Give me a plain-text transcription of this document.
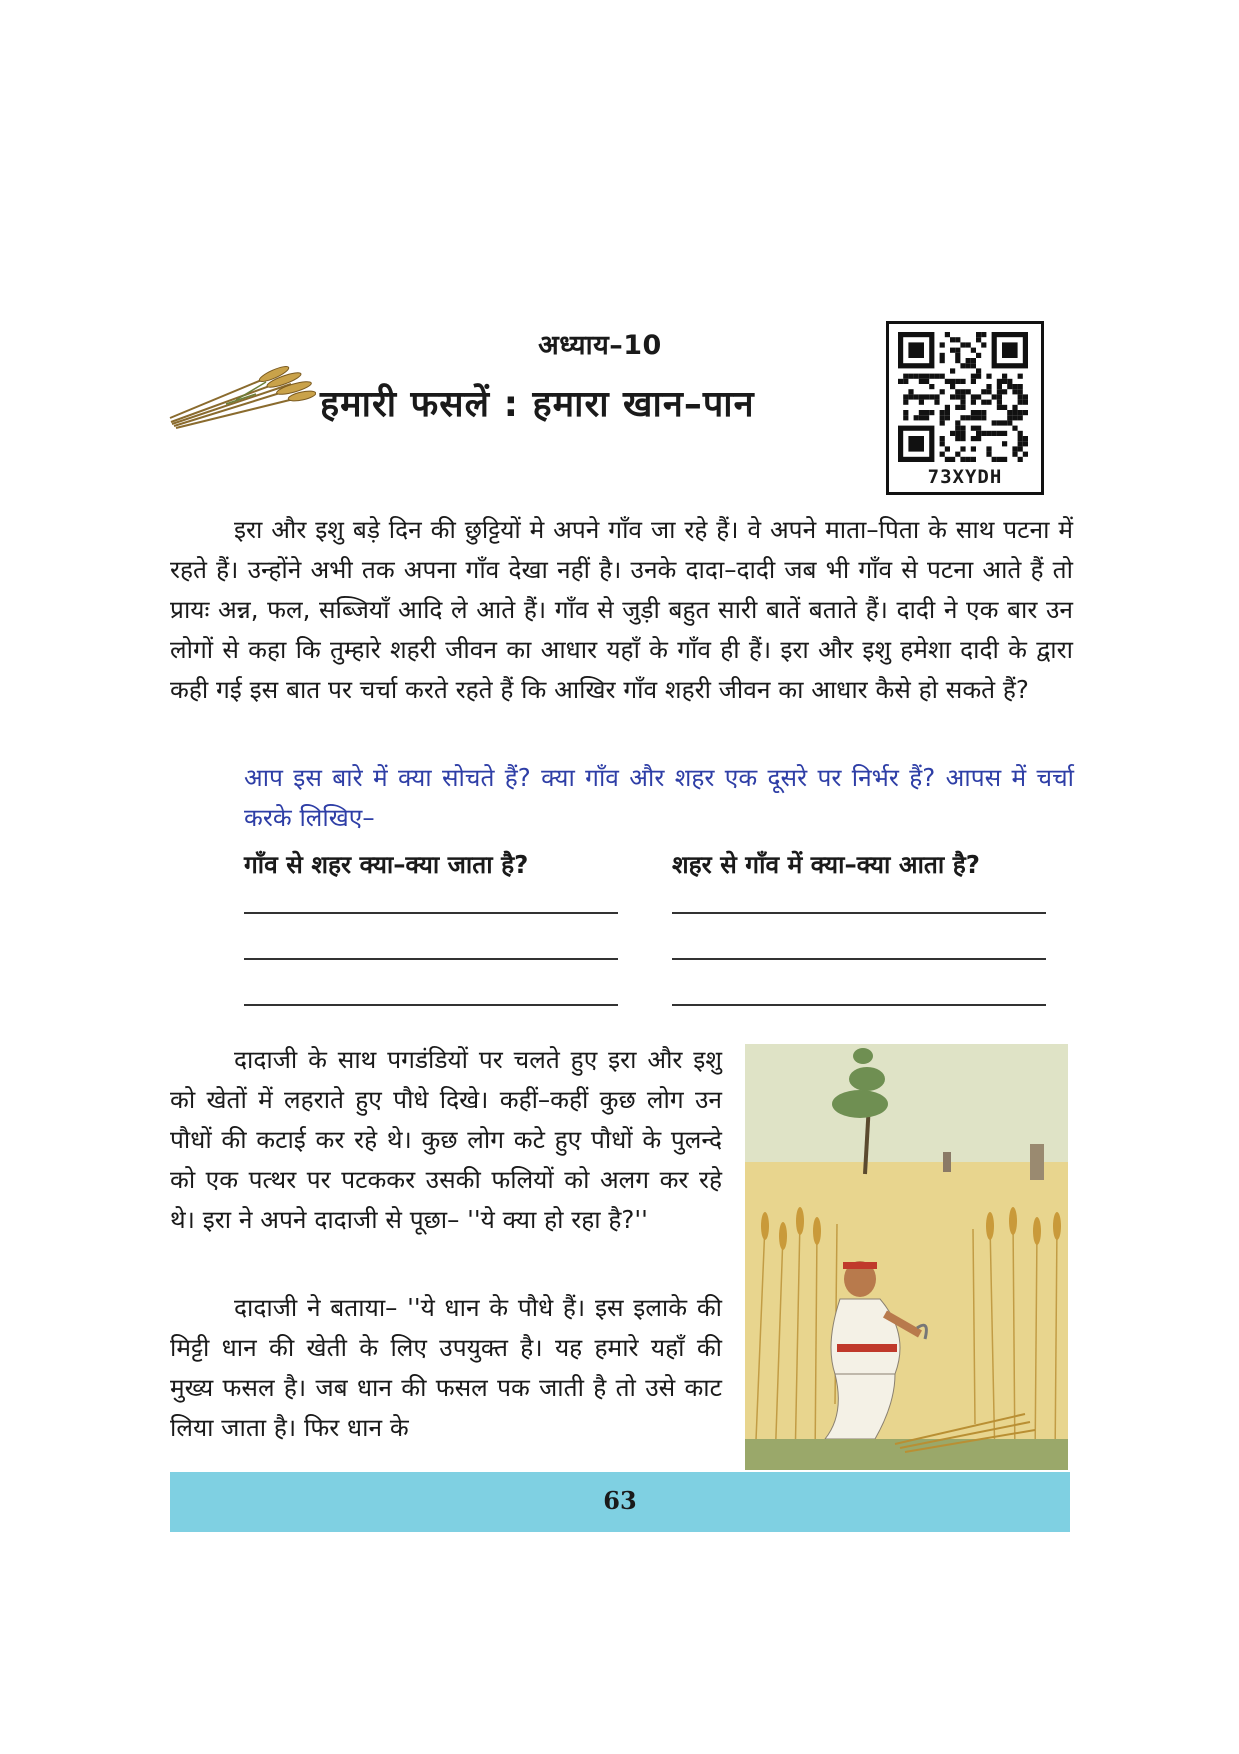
अध्याय–10
हमारी फसलें : हमारा खान–पान
73XYDH

इरा और इशु बड़े दिन की छुट्टियों मे अपने गाँव जा रहे हैं। वे अपने माता–पिता के साथ पटना में रहते हैं। उन्होंने अभी तक अपना गाँव देखा नहीं है। उनके दादा–दादी जब भी गाँव से पटना आते हैं तो प्रायः अन्न, फल, सब्जियाँ आदि ले आते हैं। गाँव से जुड़ी बहुत सारी बातें बताते हैं। दादी ने एक बार उन लोगों से कहा कि तुम्हारे शहरी जीवन का आधार यहाँ के गाँव ही हैं। इरा और इशु हमेशा दादी के द्वारा कही गई इस बात पर चर्चा करते रहते हैं कि आखिर गाँव शहरी जीवन का आधार कैसे हो सकते हैं?

आप इस बारे में क्या सोचते हैं? क्या गाँव और शहर एक दूसरे पर निर्भर हैं? आपस में चर्चा करके लिखिए–

गाँव से शहर क्या–क्या जाता है?	शहर से गाँव में क्या–क्या आता है?

दादाजी के साथ पगडंडियों पर चलते हुए इरा और इशु को खेतों में लहराते हुए पौधे दिखे। कहीं–कहीं कुछ लोग उन पौधों की कटाई कर रहे थे। कुछ लोग कटे हुए पौधों के पुलन्दे को एक पत्थर पर पटककर उसकी फलियों को अलग कर रहे थे। इरा ने अपने दादाजी से पूछा– ''ये क्या हो रहा है?''

दादाजी ने बताया– ''ये धान के पौधे हैं। इस इलाके की मिट्टी धान की खेती के लिए उपयुक्त है। यह हमारे यहाँ की मुख्य फसल है। जब धान की फसल पक जाती है तो उसे काट लिया जाता है। फिर धान के

63
